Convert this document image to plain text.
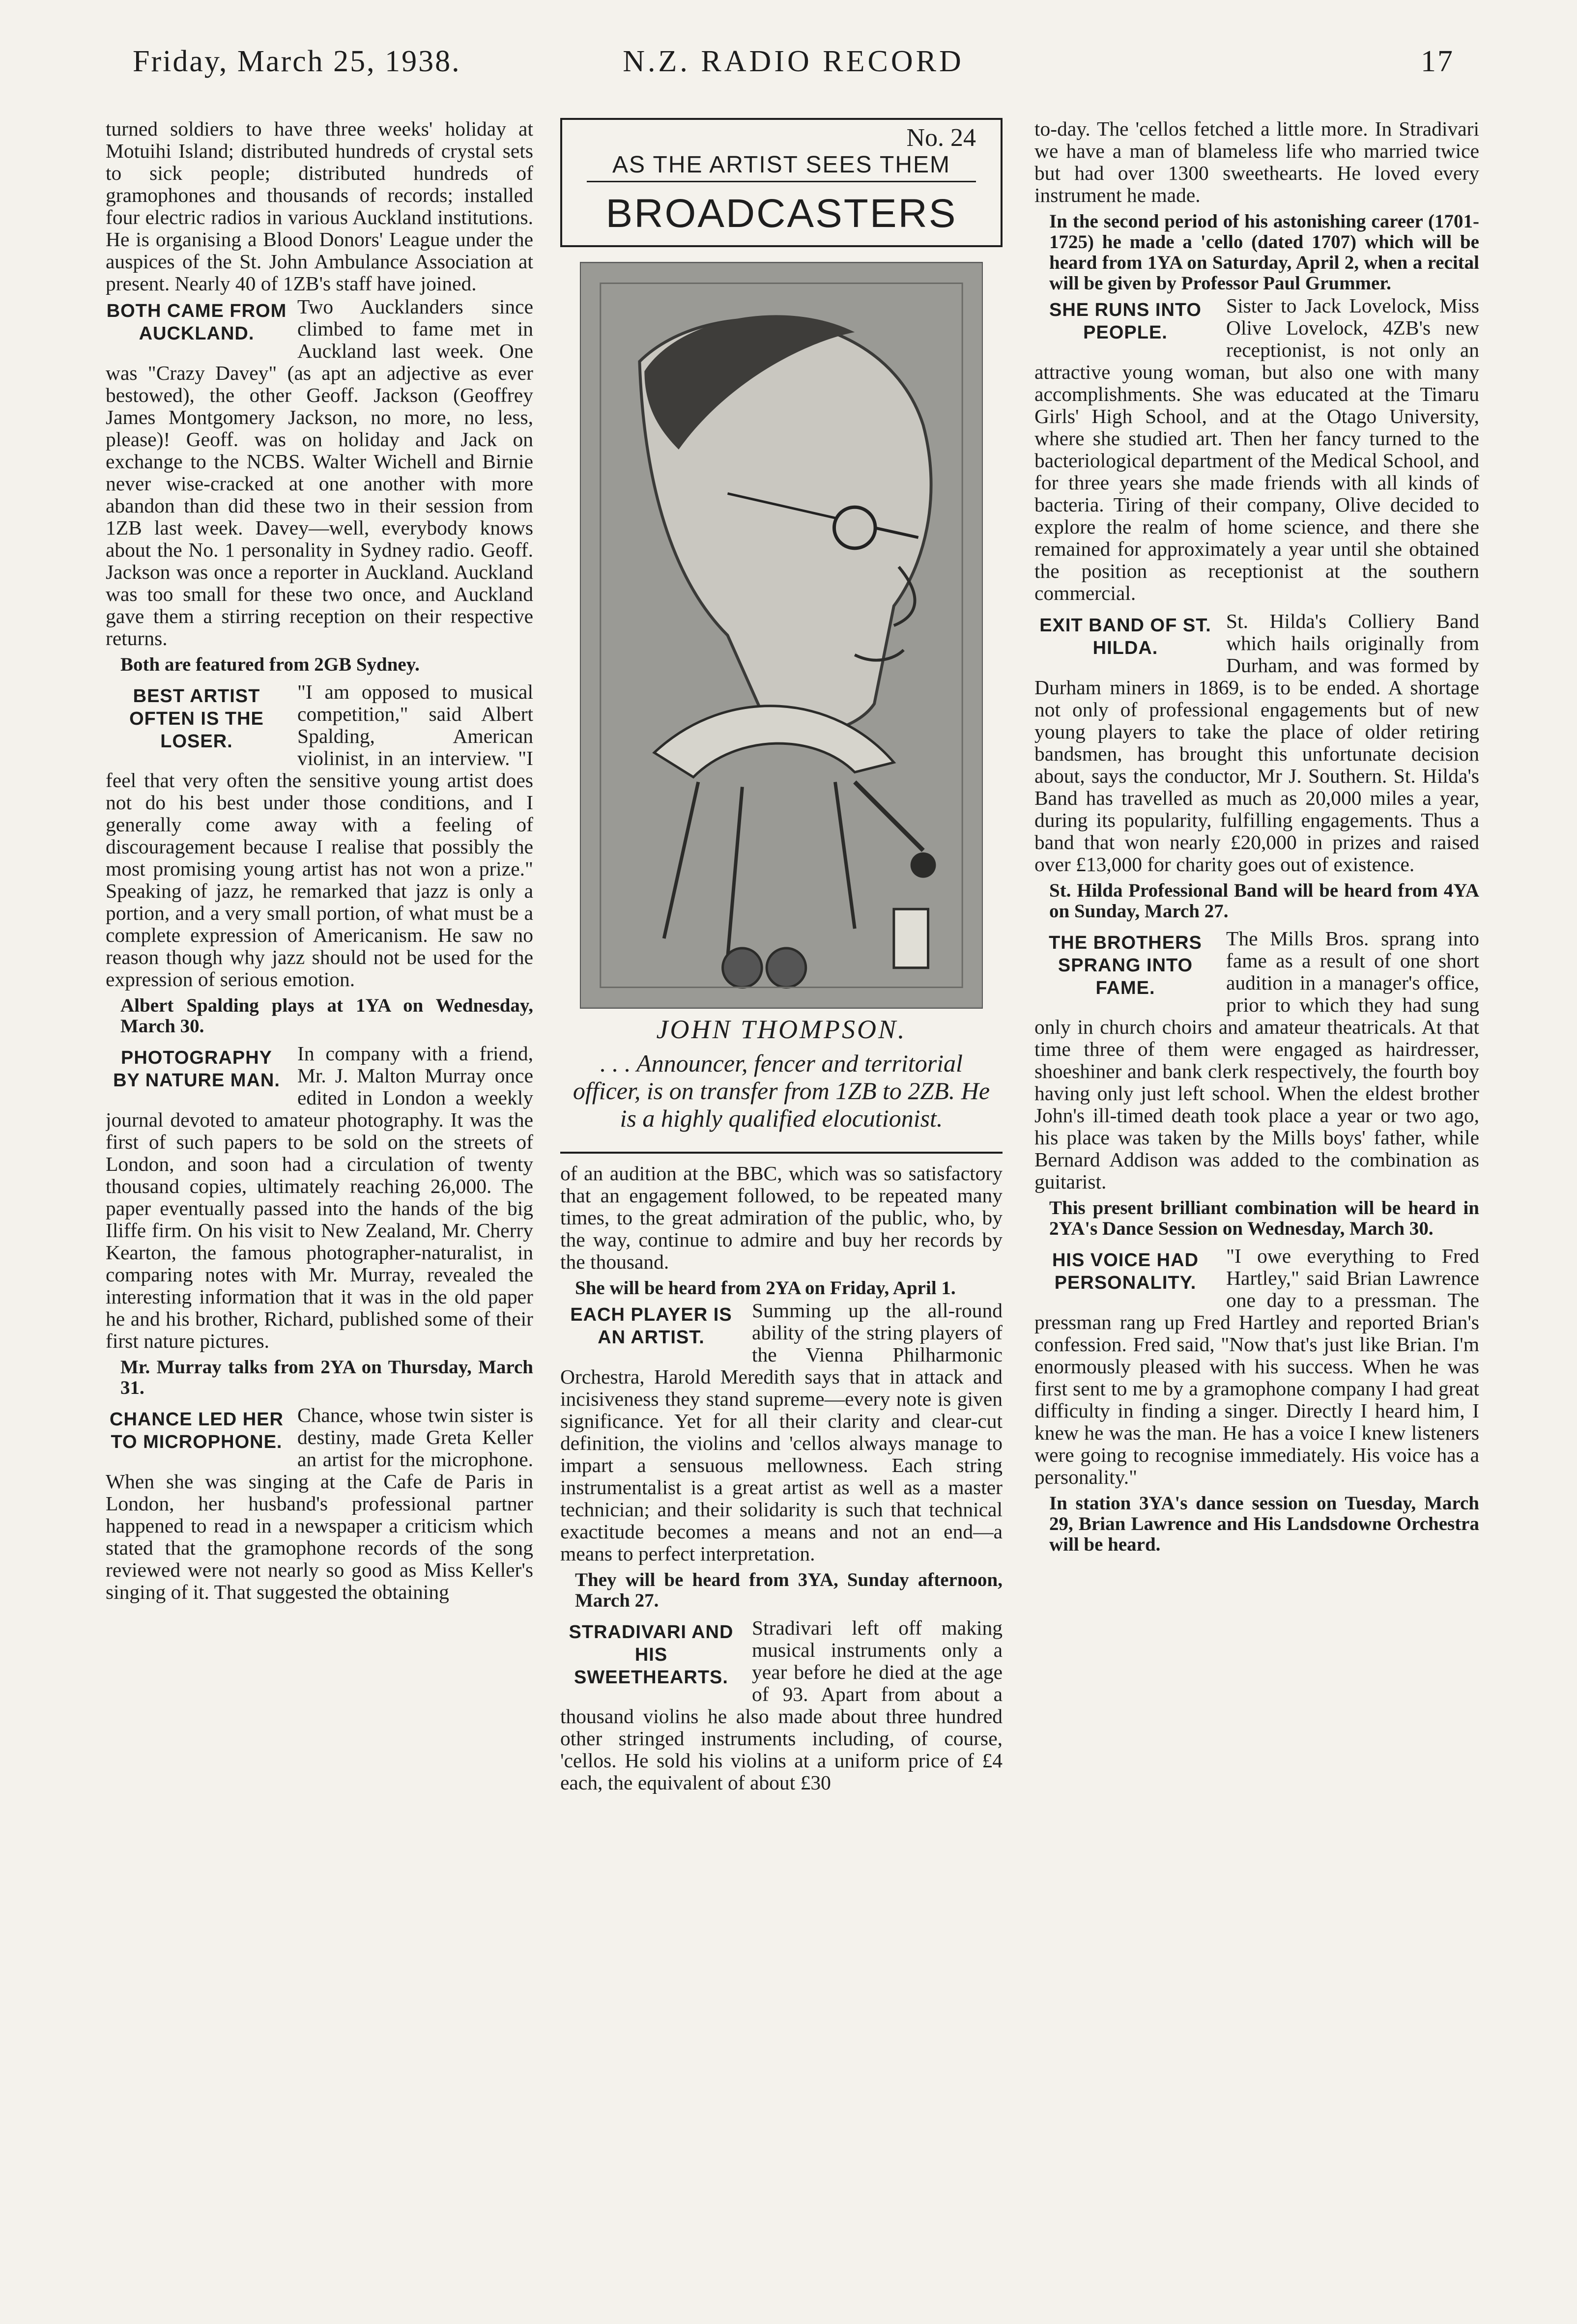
Friday, March 25, 1938.	N.Z. RADIO RECORD	17

turned soldiers to have three weeks' holiday at Motuihi Island; distributed hundreds of crystal sets to sick people; distributed hundreds of gramophones and thousands of records; installed four electric radios in various Auckland institutions. He is organising a Blood Donors' League under the auspices of the St. John Ambulance Association at present. Nearly 40 of 1ZB's staff have joined.

BOTH CAME FROM AUCKLAND.

Two Aucklanders since climbed to fame met in Auckland last week. One was "Crazy Davey" (as apt an adjective as ever bestowed), the other Geoff. Jackson (Geoffrey James Montgomery Jackson, no more, no less, please)! Geoff. was on holiday and Jack on exchange to the NCBS. Walter Wichell and Birnie never wise-cracked at one another with more abandon than did these two in their session from 1ZB last week. Davey—well, everybody knows about the No. 1 personality in Sydney radio. Geoff. Jackson was once a reporter in Auckland. Auckland was too small for these two once, and Auckland gave them a stirring reception on their respective returns.

Both are featured from 2GB Sydney.

BEST ARTIST OFTEN IS THE LOSER.

"I am opposed to musical competition," said Albert Spalding, American violinist, in an interview. "I feel that very often the sensitive young artist does not do his best under those conditions, and I generally come away with a feeling of discouragement because I realise that possibly the most promising young artist has not won a prize." Speaking of jazz, he remarked that jazz is only a portion, and a very small portion, of what must be a complete expression of Americanism. He saw no reason though why jazz should not be used for the expression of serious emotion.

Albert Spalding plays at 1YA on Wednesday, March 30.

PHOTOGRAPHY BY NATURE MAN.

In company with a friend, Mr. J. Malton Murray once edited in London a weekly journal devoted to amateur photography. It was the first of such papers to be sold on the streets of London, and soon had a circulation of twenty thousand copies, ultimately reaching 26,000. The paper eventually passed into the hands of the big Iliffe firm. On his visit to New Zealand, Mr. Cherry Kearton, the famous photographer-naturalist, in comparing notes with Mr. Murray, revealed the interesting information that it was in the old paper he and his brother, Richard, published some of their first nature pictures.

Mr. Murray talks from 2YA on Thursday, March 31.

CHANCE LED HER TO MICROPHONE.

Chance, whose twin sister is destiny, made Greta Keller an artist for the microphone. When she was singing at the Cafe de Paris in London, her husband's professional partner happened to read in a newspaper a criticism which stated that the gramophone records of the song reviewed were not nearly so good as Miss Keller's singing of it. That suggested the obtaining

No. 24
AS THE ARTIST SEES THEM
BROADCASTERS
JOHN THOMPSON.
. . . Announcer, fencer and territorial officer, is on transfer from 1ZB to 2ZB. He is a highly qualified elocutionist.

of an audition at the BBC, which was so satisfactory that an engagement followed, to be repeated many times, to the great admiration of the public, who, by the way, continue to admire and buy her records by the thousand.

She will be heard from 2YA on Friday, April 1.

EACH PLAYER IS AN ARTIST.

Summing up the all-round ability of the string players of the Vienna Philharmonic Orchestra, Harold Meredith says that in attack and incisiveness they stand supreme—every note is given significance. Yet for all their clarity and clear-cut definition, the violins and 'cellos always manage to impart a sensuous mellowness. Each string instrumentalist is a great artist as well as a master technician; and their solidarity is such that technical exactitude becomes a means and not an end—a means to perfect interpretation.

They will be heard from 3YA, Sunday afternoon, March 27.

STRADIVARI AND HIS SWEETHEARTS.

Stradivari left off making musical instruments only a year before he died at the age of 93. Apart from about a thousand violins he also made about three hundred other stringed instruments including, of course, 'cellos. He sold his violins at a uniform price of £4 each, the equivalent of about £30

to-day. The 'cellos fetched a little more. In Stradivari we have a man of blameless life who married twice but had over 1300 sweethearts. He loved every instrument he made.

In the second period of his astonishing career (1701-1725) he made a 'cello (dated 1707) which will be heard from 1YA on Saturday, April 2, when a recital will be given by Professor Paul Grummer.

SHE RUNS INTO PEOPLE.

Sister to Jack Lovelock, Miss Olive Lovelock, 4ZB's new receptionist, is not only an attractive young woman, but also one with many accomplishments. She was educated at the Timaru Girls' High School, and at the Otago University, where she studied art. Then her fancy turned to the bacteriological department of the Medical School, and for three years she made friends with all kinds of bacteria. Tiring of their company, Olive decided to explore the realm of home science, and there she remained for approximately a year until she obtained the position as receptionist at the southern commercial.

EXIT BAND OF ST. HILDA.

St. Hilda's Colliery Band which hails originally from Durham, and was formed by Durham miners in 1869, is to be ended. A shortage not only of professional engagements but of new young players to take the place of older retiring bandsmen, has brought this unfortunate decision about, says the conductor, Mr J. Southern. St. Hilda's Band has travelled as much as 20,000 miles a year, during its popularity, fulfilling engagements. Thus a band that won nearly £20,000 in prizes and raised over £13,000 for charity goes out of existence.

St. Hilda Professional Band will be heard from 4YA on Sunday, March 27.

THE BROTHERS SPRANG INTO FAME.

The Mills Bros. sprang into fame as a result of one short audition in a manager's office, prior to which they had sung only in church choirs and amateur theatricals. At that time three of them were engaged as hairdresser, shoeshiner and bank clerk respectively, the fourth boy having only just left school. When the eldest brother John's ill-timed death took place a year or two ago, his place was taken by the Mills boys' father, while Bernard Addison was added to the combination as guitarist.

This present brilliant combination will be heard in 2YA's Dance Session on Wednesday, March 30.

HIS VOICE HAD PERSONALITY.

"I owe everything to Fred Hartley," said Brian Lawrence one day to a pressman. The pressman rang up Fred Hartley and reported Brian's confession. Fred said, "Now that's just like Brian. I'm enormously pleased with his success. When he was first sent to me by a gramophone company I had great difficulty in finding a singer. Directly I heard him, I knew he was the man. He has a voice I knew listeners were going to recognise immediately. His voice has a personality."

In station 3YA's dance session on Tuesday, March 29, Brian Lawrence and His Landsdowne Orchestra will be heard.
